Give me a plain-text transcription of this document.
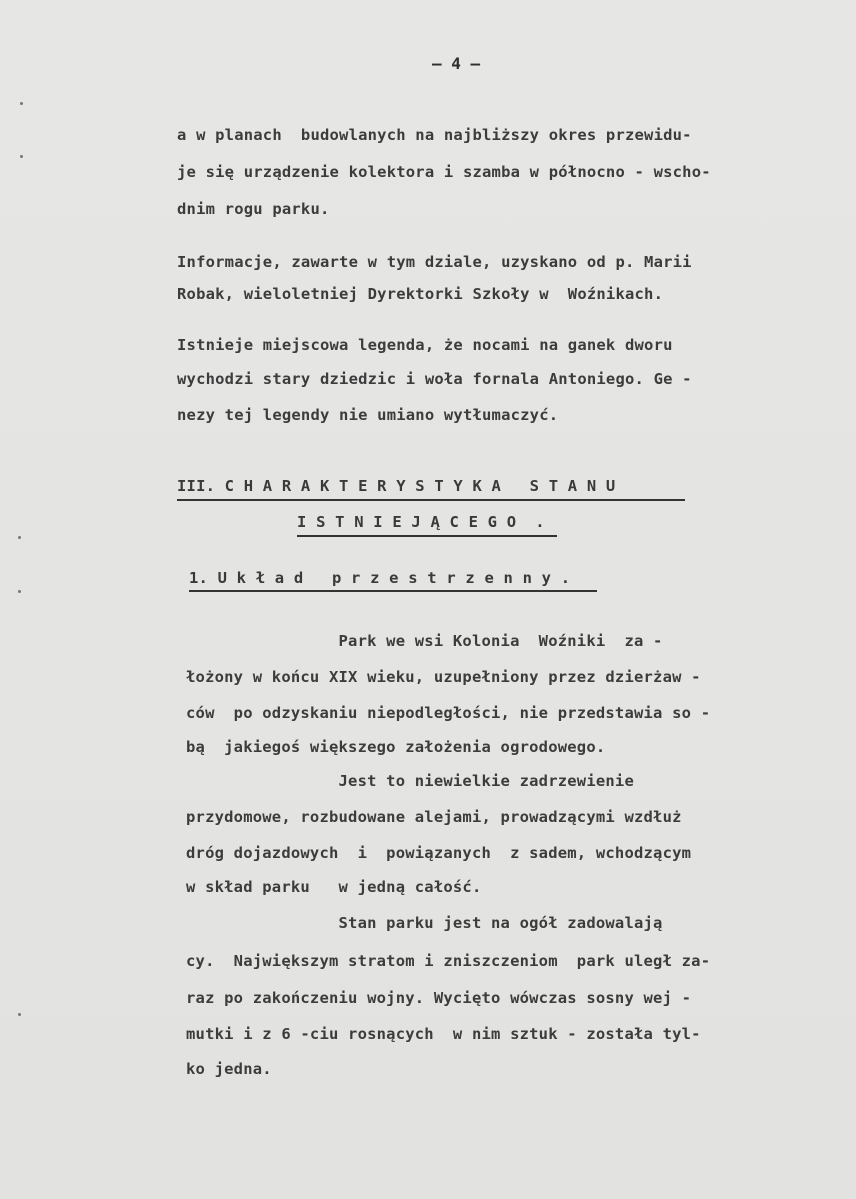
— 4 —
a w planach  budowlanych na najbliższy okres przewidu-
je się urządzenie kolektora i szamba w północno - wscho-
dnim rogu parku.
Informacje, zawarte w tym dziale, uzyskano od p. Marii
Robak, wieloletniej Dyrektorki Szkoły w  Woźnikach.
Istnieje miejscowa legenda, że nocami na ganek dworu
wychodzi stary dziedzic i woła fornala Antoniego. Ge -
nezy tej legendy nie umiano wytłumaczyć.
III. C H A R A K T E R Y S T Y K A   S T A N U
I S T N I E J Ą C E G O  .
1. U k ł a d   p r z e s t r z e n n y .
Park we wsi Kolonia  Woźniki  za -
łożony w końcu XIX wieku, uzupełniony przez dzierżaw -
ców  po odzyskaniu niepodległości, nie przedstawia so -
bą  jakiegoś większego założenia ogrodowego.
Jest to niewielkie zadrzewienie
przydomowe, rozbudowane alejami, prowadzącymi wzdłuż
dróg dojazdowych  i  powiązanych  z sadem, wchodzącym
w skład parku   w jedną całość.
Stan parku jest na ogół zadowalają
cy.  Największym stratom i zniszczeniom  park uległ za-
raz po zakończeniu wojny. Wycięto wówczas sosny wej -
mutki i z 6 -ciu rosnących  w nim sztuk - została tyl-
ko jedna.
